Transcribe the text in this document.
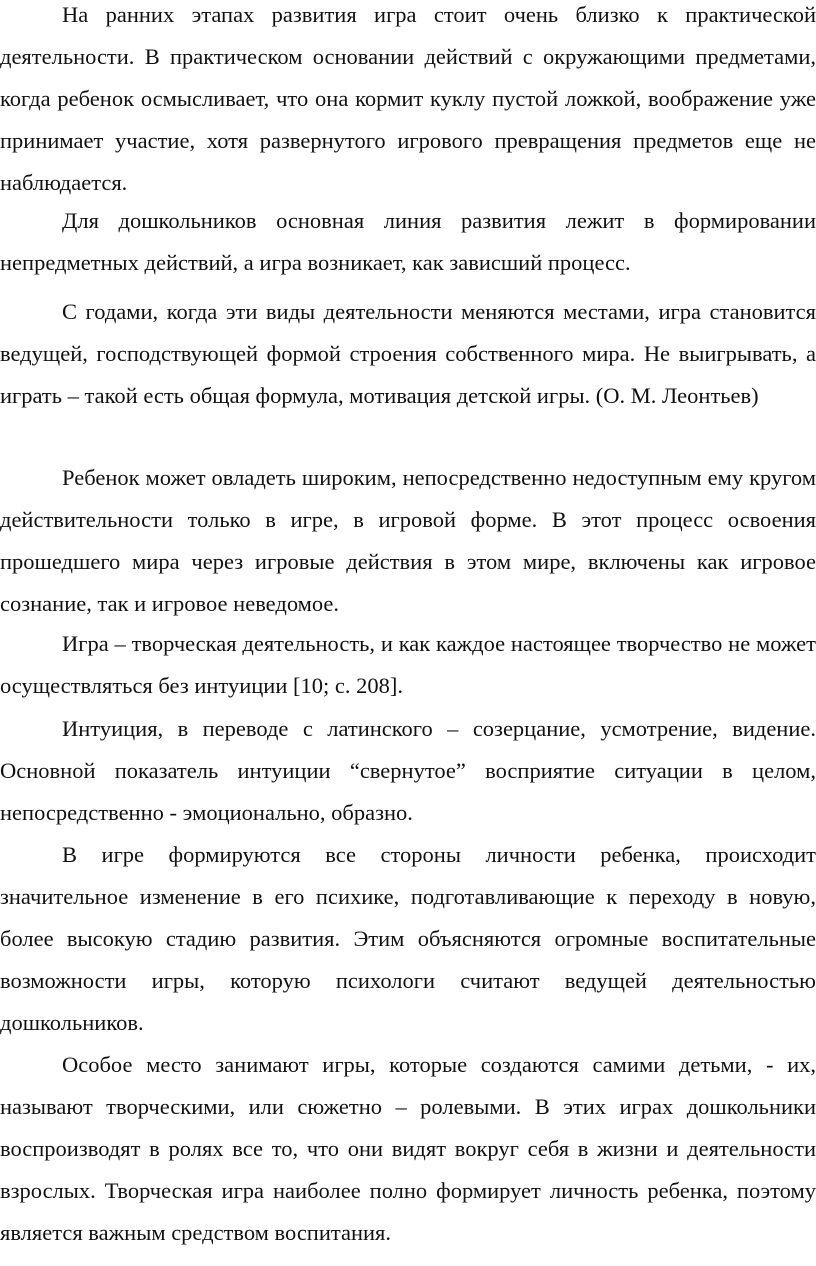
На ранних этапах развития игра стоит очень близко к практической деятельности. В практическом основании действий с окружающими предметами, когда ребенок осмысливает, что она кормит куклу пустой ложкой, воображение уже принимает участие, хотя развернутого игрового превращения предметов еще не наблюдается.

Для дошкольников основная линия развития лежит в формировании непредметных действий, а игра возникает, как зависший процесс.

С годами, когда эти виды деятельности меняются местами, игра становится ведущей, господствующей формой строения собственного мира. Не выигрывать, а играть – такой есть общая формула, мотивация детской игры. (О. М. Леонтьев)

Ребенок может овладеть широким, непосредственно недоступным ему кругом действительности только в игре, в игровой форме. В этот процесс освоения прошедшего мира через игровые действия в этом мире, включены как игровое сознание, так и игровое неведомое.

Игра – творческая деятельность, и как каждое настоящее творчество не может осуществляться без интуиции [10; с. 208].

Интуиция, в переводе с латинского – созерцание, усмотрение, видение. Основной показатель интуиции “свернутое” восприятие ситуации в целом, непосредственно - эмоционально, образно.

В игре формируются все стороны личности ребенка, происходит значительное изменение в его психике, подготавливающие к переходу в новую, более высокую стадию развития. Этим объясняются огромные воспитательные возможности игры, которую психологи считают ведущей деятельностью дошкольников.

Особое место занимают игры, которые создаются самими детьми, - их, называют творческими, или сюжетно – ролевыми. В этих играх дошкольники воспроизводят в ролях все то, что они видят вокруг себя в жизни и деятельности взрослых. Творческая игра наиболее полно формирует личность ребенка, поэтому является важным средством воспитания.
